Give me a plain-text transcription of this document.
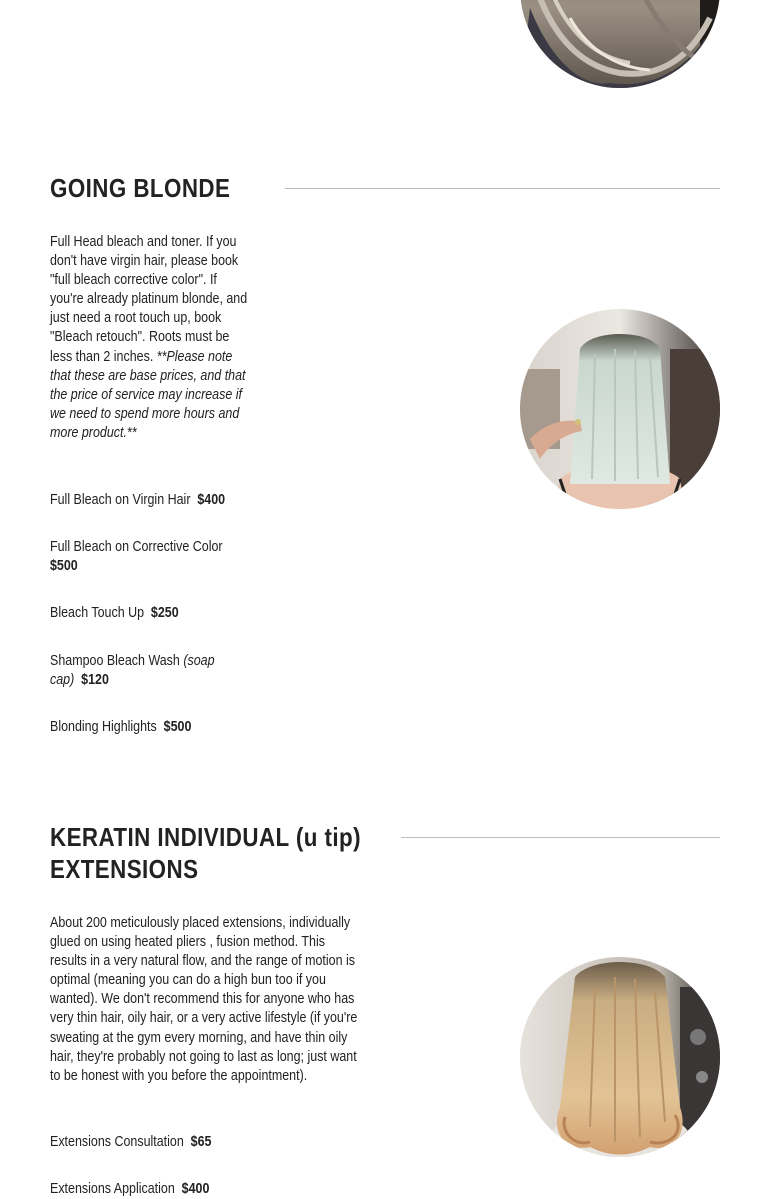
GOING BLONDE
Full Head bleach and toner. If you don't have virgin hair, please book "full bleach corrective color". If you're already platinum blonde, and just need a root touch up, book "Bleach retouch". Roots must be less than 2 inches. **Please note that these are base prices, and that the price of service may increase if we need to spend more hours and more product.**

Full Bleach on Virgin Hair $400

Full Bleach on Corrective Color
$500

Bleach Touch Up $250

Shampoo Bleach Wash (soap cap) $120

Blonding Highlights $500

KERATIN INDIVIDUAL (u tip) EXTENSIONS

About 200 meticulously placed extensions, individually glued on using heated pliers , fusion method. This results in a very natural flow, and the range of motion is optimal (meaning you can do a high bun too if you wanted). We don't recommend this for anyone who has very thin hair, oily hair, or a very active lifestyle (if you're sweating at the gym every morning, and have thin oily hair, they're probably not going to last as long; just want to be honest with you before the appointment).

Extensions Consultation $65

Extensions Application $400
